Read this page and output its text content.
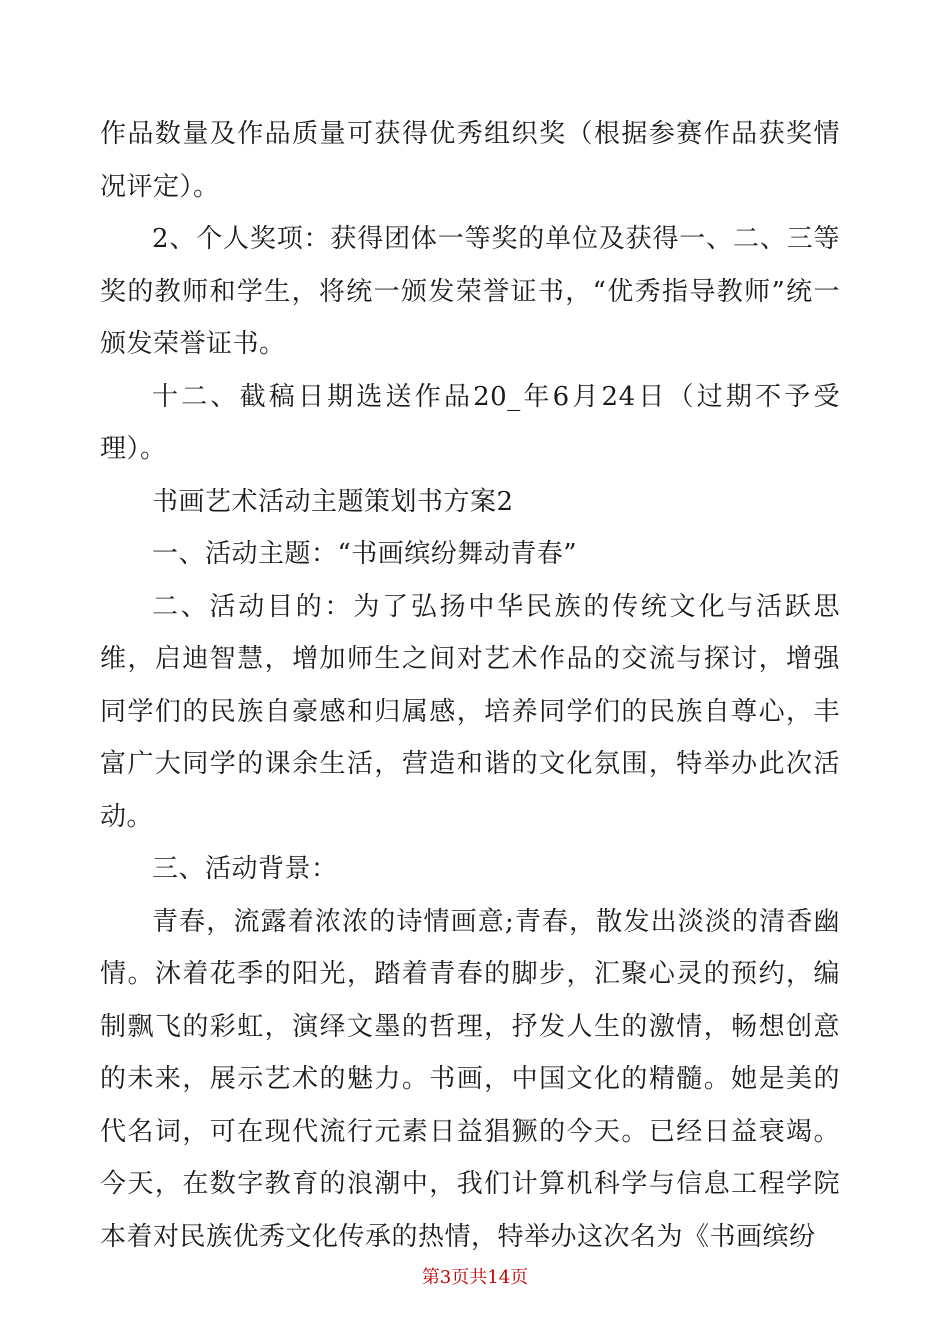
作品数量及作品质量可获得优秀组织奖（根据参赛作品获奖情况评定）。

2、个人奖项：获得团体一等奖的单位及获得一、二、三等奖的教师和学生，将统一颁发荣誉证书，“优秀指导教师”统一颁发荣誉证书。

十二、截稿日期选送作品20_年6月24日（过期不予受理）。

书画艺术活动主题策划书方案2

一、活动主题：“书画缤纷舞动青春”

二、活动目的：为了弘扬中华民族的传统文化与活跃思维，启迪智慧，增加师生之间对艺术作品的交流与探讨，增强同学们的民族自豪感和归属感，培养同学们的民族自尊心，丰富广大同学的课余生活，营造和谐的文化氛围，特举办此次活动。

三、活动背景：

青春，流露着浓浓的诗情画意;青春，散发出淡淡的清香幽情。沐着花季的阳光，踏着青春的脚步，汇聚心灵的预约，编制飘飞的彩虹，演绎文墨的哲理，抒发人生的激情，畅想创意的未来，展示艺术的魅力。书画，中国文化的精髓。她是美的代名词，可在现代流行元素日益猖獗的今天。已经日益衰竭。今天，在数字教育的浪潮中，我们计算机科学与信息工程学院本着对民族优秀文化传承的热情，特举办这次名为《书画缤纷

第3页共14页
